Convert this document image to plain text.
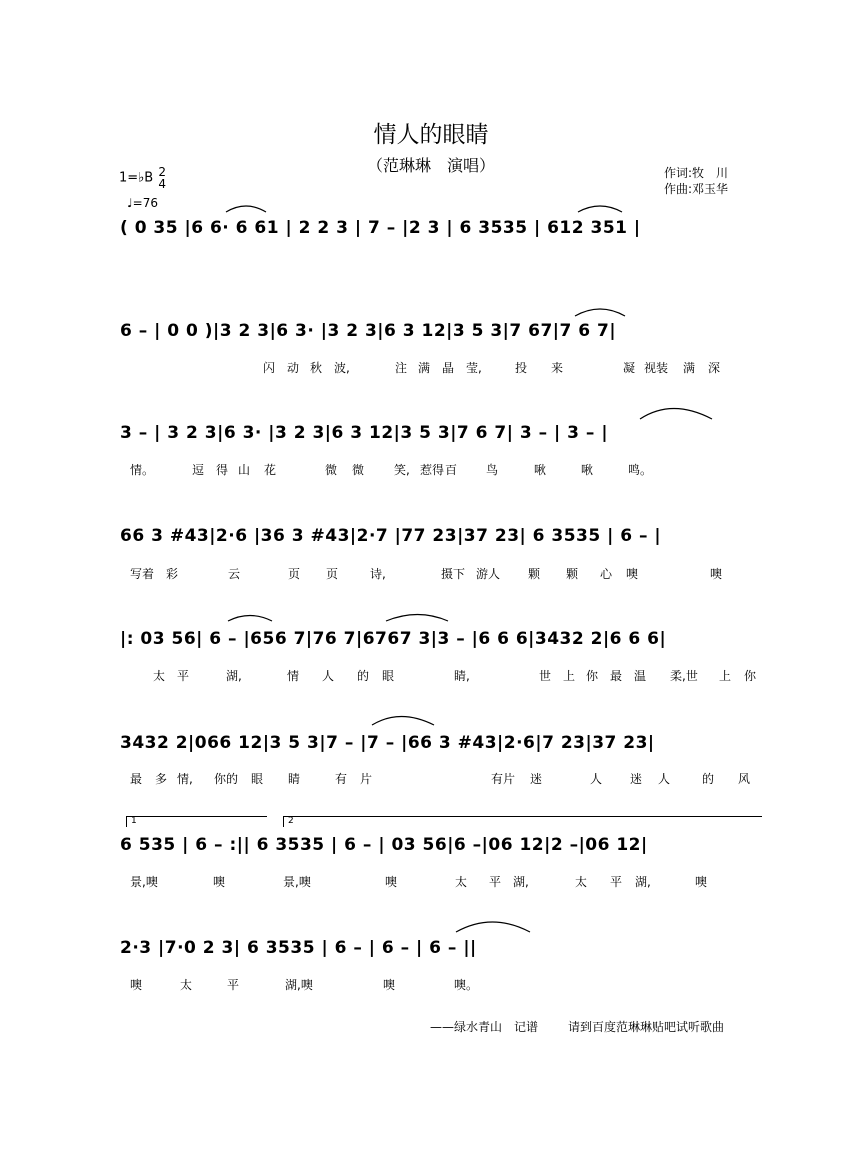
情人的眼睛
（范琳琳　演唱）	作词:牧　川
作曲:邓玉华
1=♭B 2
4
♩=76

( 0 35 |6 6· 6 61 | 2 2 3 | 7 – |2 3 | 6 3535 | 612 351 |

6 – | 0 0 )|3 2 3|6 3· |3 2 3|6 3 12|3 5 3|7 67|7 6 7|

3 – | 3 2 3|6 3· |3 2 3|6 3 12|3 5 3|7 6 7| 3 – | 3 – |

66 3 #43|2·6 |36 3 #43|2·7 |77 23|37 23| 6 3535 | 6 – |

|: 03 56| 6 – |656 7|76 7|6767 3|3 – |6 6 6|3432 2|6 6 6|

3432 2|066 12|3 5 3|7 – |7 – |66 3 #43|2·6|7 23|37 23|

6 535 | 6 – :|| 6 3535 | 6 – | 03 56|6 –|06 12|2 –|06 12|

2·3 |7·0 2 3| 6 3535 | 6 – | 6 – | 6 – ||

1	2

闪

动

秋

波,

	注

满

晶

莹,

	投

来

	凝

视装

满

深

情。

	逗

得

山

花

	微

微

笑,

惹得

百

鸟

	啾

	啾

	鸣。

写着

彩

	云

	页

页

	诗,

	摄下

游人

颗

颗

心

噢

	噢

太

平

	湖,

	情

人

的

眼

	睛,

	世

上

你

最

温

柔,世

上

你

最

多

情,

你的

眼

睛

	有

片

	有片

迷

	人

迷

人

	的

风

景,噢

	噢

	景,噢

	噢

	太

平

湖,

	太

平

湖,

	噢

噢

	太

	平

	湖,噢

	噢

	噢。

——绿水青山　记谱 请到百度范琳琳贴吧试听歌曲
